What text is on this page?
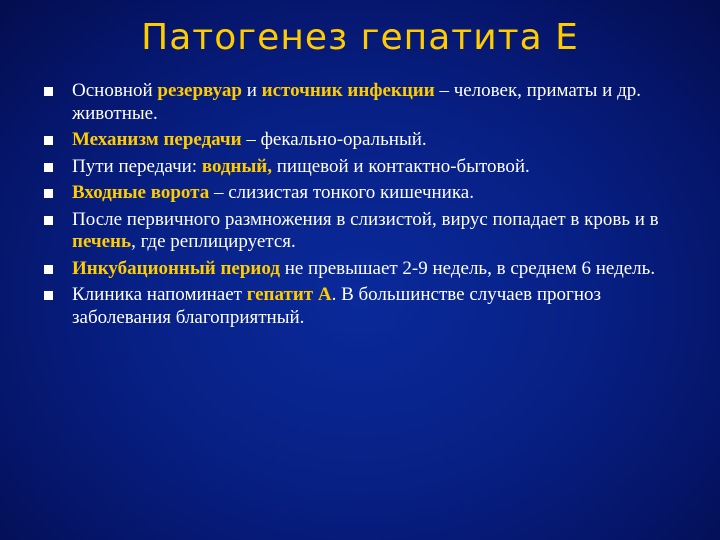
Патогенез гепатита Е
Основной резервуар и источник инфекции – человек, приматы и др. животные.
Механизм передачи – фекально-оральный.
Пути передачи: водный, пищевой и контактно-бытовой.
Входные ворота – слизистая тонкого кишечника.
После первичного размножения в слизистой, вирус попадает в кровь и в печень, где реплицируется.
Инкубационный период не превышает 2-9 недель, в среднем 6 недель.
Клиника напоминает гепатит А. В большинстве случаев прогноз заболевания благоприятный.
